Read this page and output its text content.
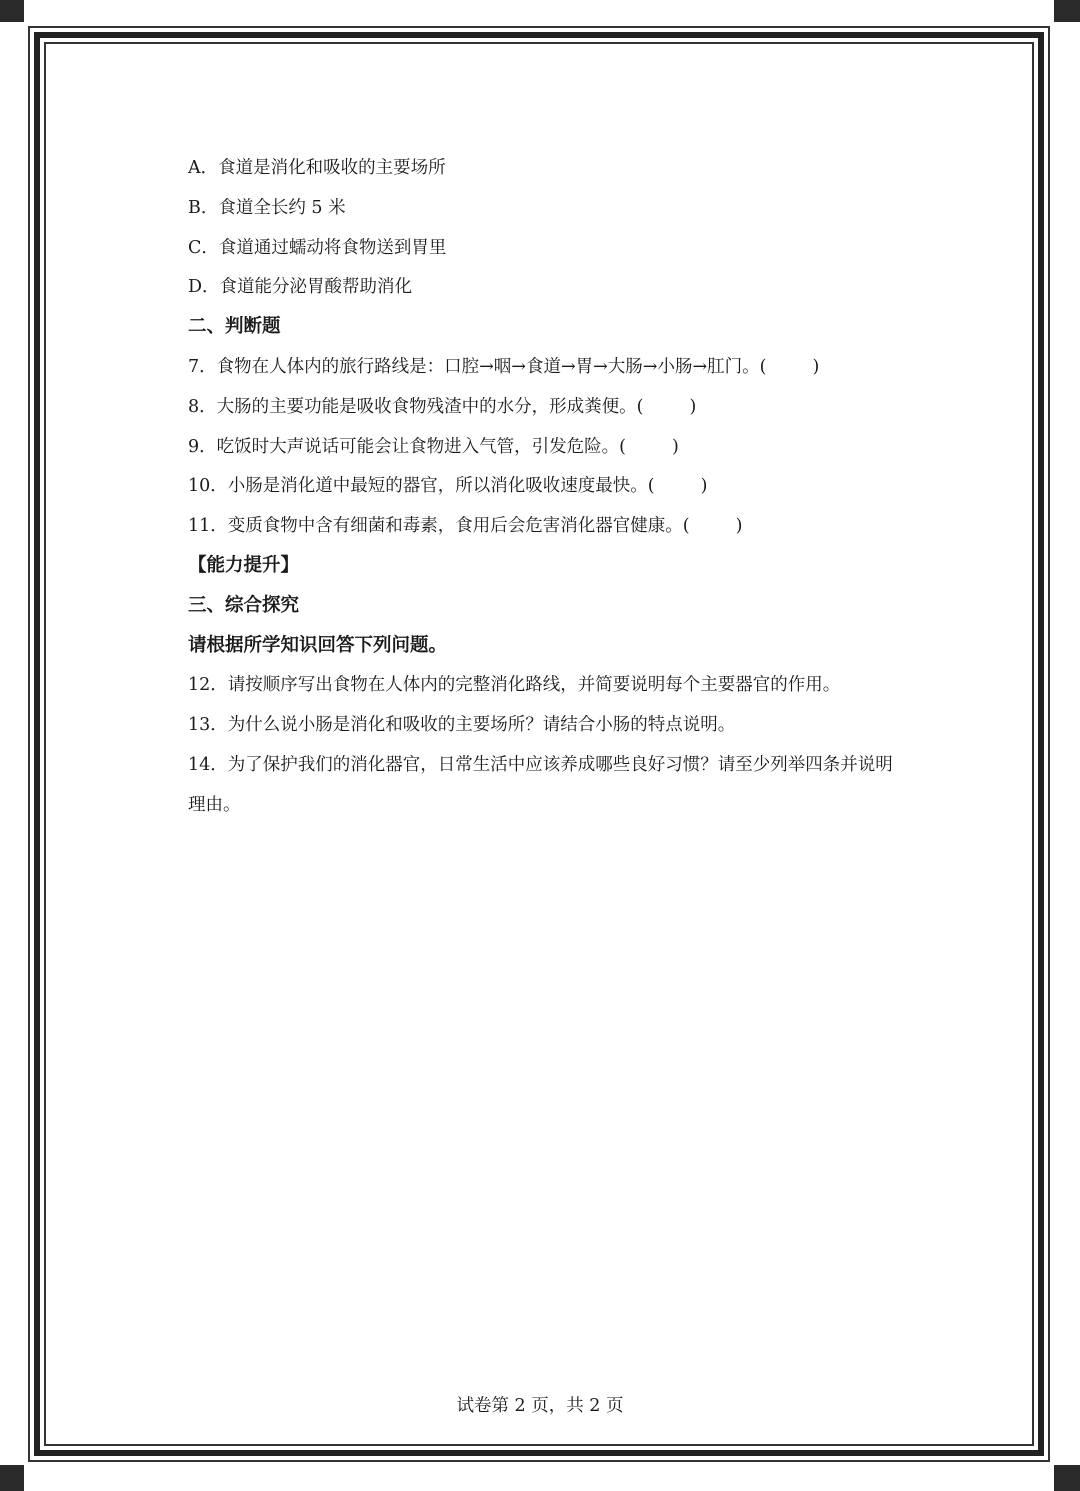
A．食道是消化和吸收的主要场所
B．食道全长约 5 米
C．食道通过蠕动将食物送到胃里
D．食道能分泌胃酸帮助消化
二、判断题
7．食物在人体内的旅行路线是：口腔→咽→食道→胃→大肠→小肠→肛门。(	)
8．大肠的主要功能是吸收食物残渣中的水分，形成粪便。(	)
9．吃饭时大声说话可能会让食物进入气管，引发危险。(	)
10．小肠是消化道中最短的器官，所以消化吸收速度最快。(	)
11．变质食物中含有细菌和毒素，食用后会危害消化器官健康。(	)
【能力提升】
三、综合探究
请根据所学知识回答下列问题。
12．请按顺序写出食物在人体内的完整消化路线，并简要说明每个主要器官的作用。
13．为什么说小肠是消化和吸收的主要场所？请结合小肠的特点说明。
14．为了保护我们的消化器官，日常生活中应该养成哪些良好习惯？请至少列举四条并说明
理由。
试卷第 2 页，共 2 页
